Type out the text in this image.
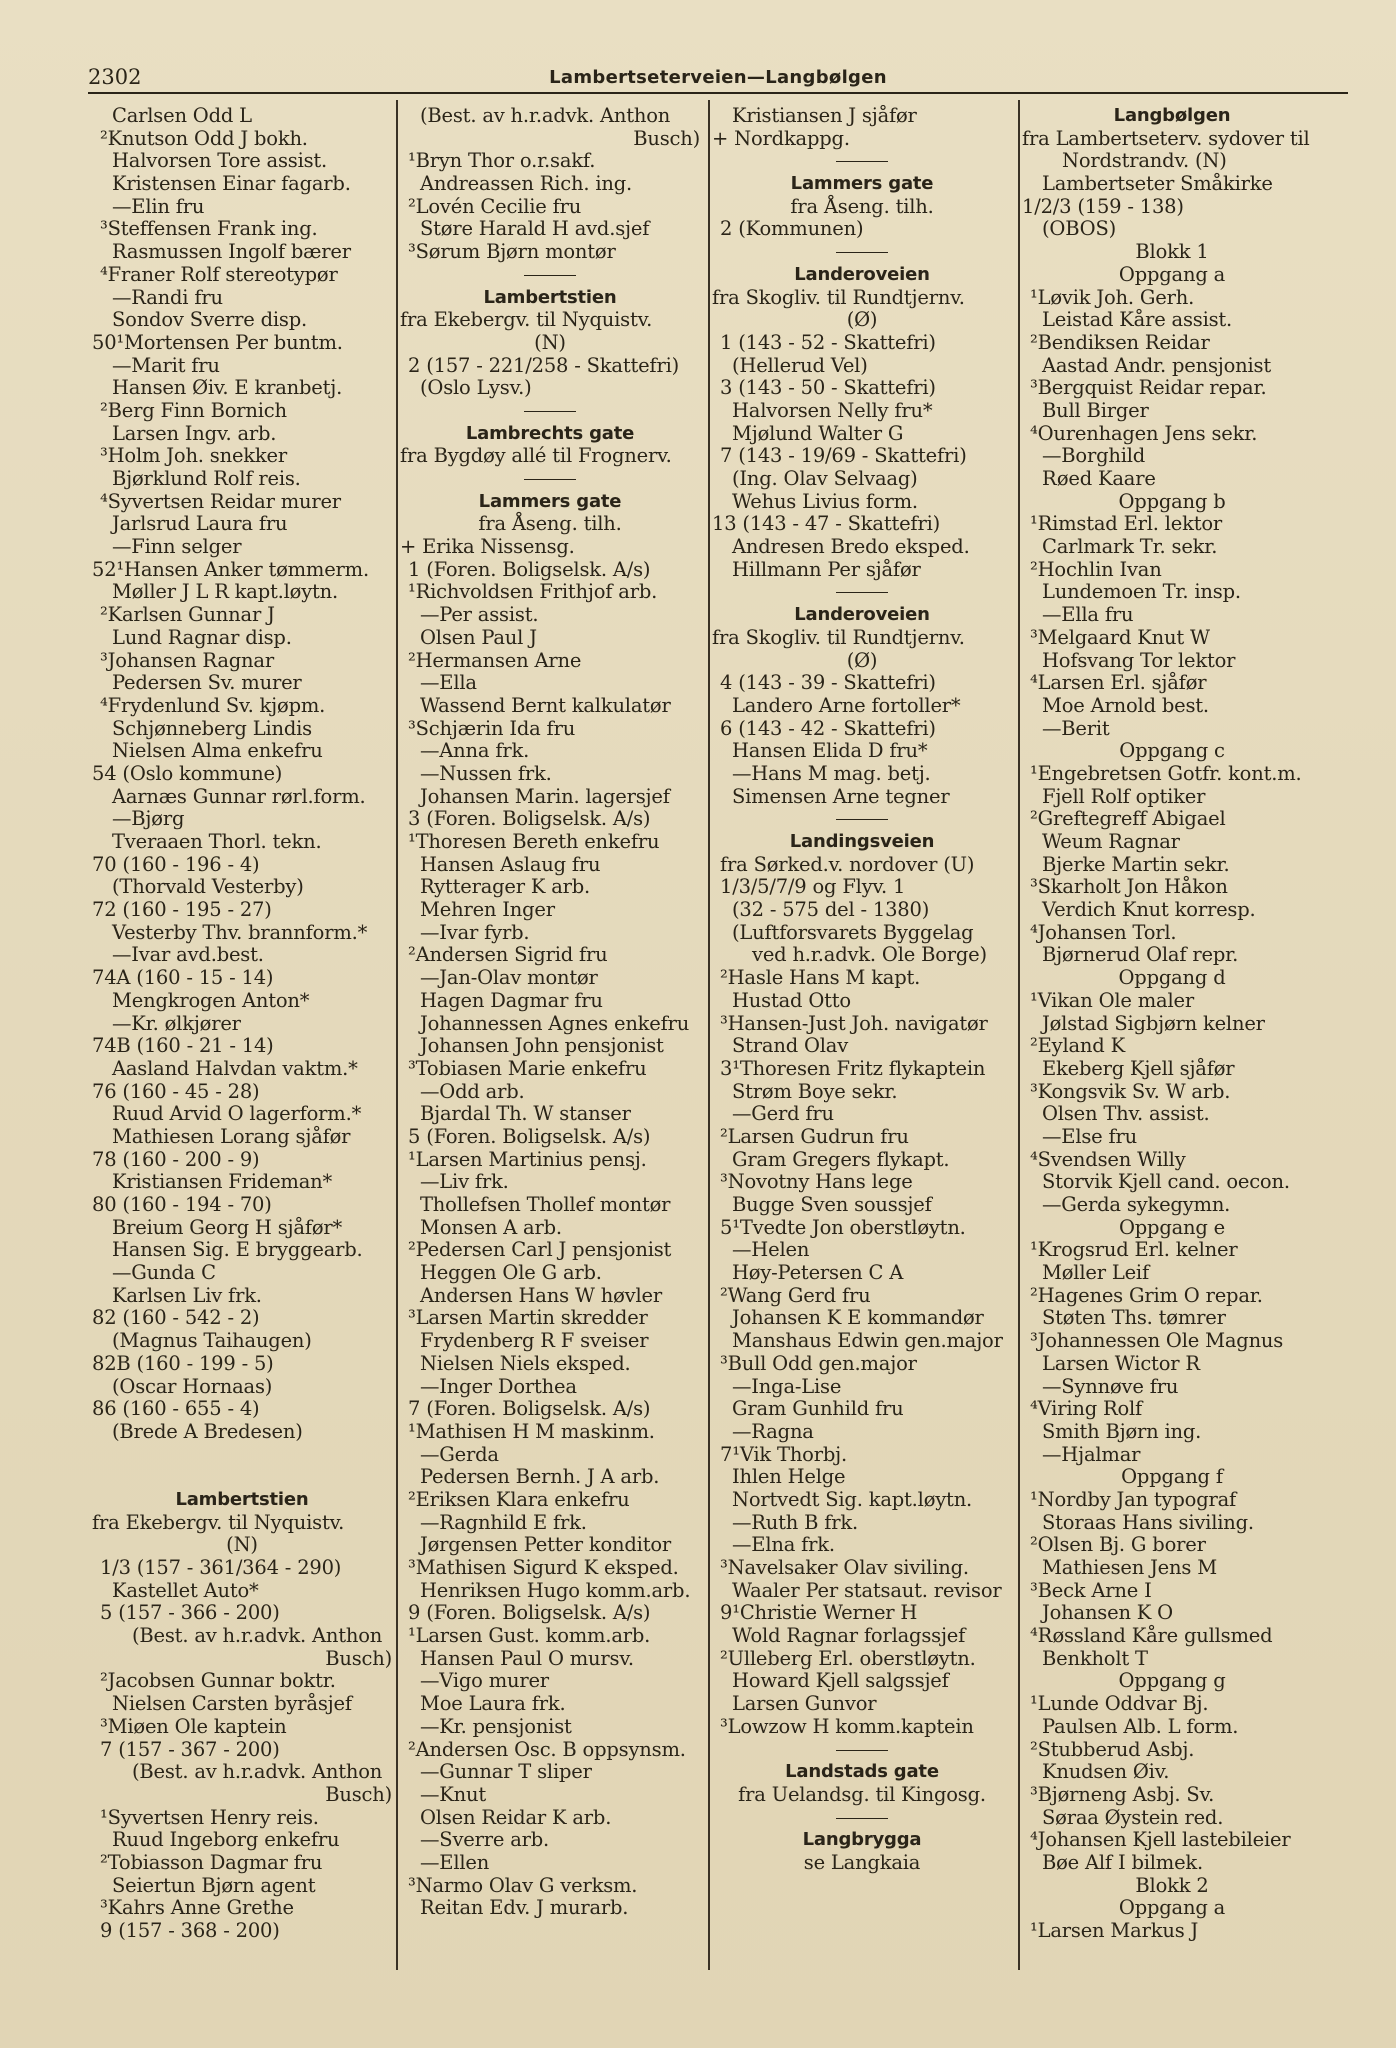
2302	Lambertseterveien—Langbølgen
Carlsen Odd L
²Knutson Odd J bokh.
Halvorsen Tore assist.
Kristensen Einar fagarb.
—Elin fru
³Steffensen Frank ing.
Rasmussen Ingolf bærer
⁴Franer Rolf stereotypør
—Randi fru
Sondov Sverre disp.
50¹Mortensen Per buntm.
—Marit fru
Hansen Øiv. E kranbetj.
²Berg Finn Bornich
Larsen Ingv. arb.
³Holm Joh. snekker
Bjørklund Rolf reis.
⁴Syvertsen Reidar murer
Jarlsrud Laura fru
—Finn selger
52¹Hansen Anker tømmerm.
Møller J L R kapt.løytn.
²Karlsen Gunnar J
Lund Ragnar disp.
³Johansen Ragnar
Pedersen Sv. murer
⁴Frydenlund Sv. kjøpm.
Schjønneberg Lindis
Nielsen Alma enkefru
54 (Oslo kommune)
Aarnæs Gunnar rørl.form.
—Bjørg
Tveraaen Thorl. tekn.
70 (160 - 196 - 4)
(Thorvald Vesterby)
72 (160 - 195 - 27)
Vesterby Thv. brannform.*
—Ivar avd.best.
74A (160 - 15 - 14)
Mengkrogen Anton*
—Kr. ølkjører
74B (160 - 21 - 14)
Aasland Halvdan vaktm.*
76 (160 - 45 - 28)
Ruud Arvid O lagerform.*
Mathiesen Lorang sjåfør
78 (160 - 200 - 9)
Kristiansen Frideman*
80 (160 - 194 - 70)
Breium Georg H sjåfør*
Hansen Sig. E bryggearb.
—Gunda C
Karlsen Liv frk.
82 (160 - 542 - 2)
(Magnus Taihaugen)
82B (160 - 199 - 5)
(Oscar Hornaas)
86 (160 - 655 - 4)
(Brede A Bredesen)
Lambertstien
fra Ekebergv. til Nyquistv.
(N)
1/3 (157 - 361/364 - 290)
Kastellet Auto*
5 (157 - 366 - 200)
(Best. av h.r.advk. Anthon
Busch)
²Jacobsen Gunnar boktr.
Nielsen Carsten byråsjef
³Miøen Ole kaptein
7 (157 - 367 - 200)
(Best. av h.r.advk. Anthon
Busch)
¹Syvertsen Henry reis.
Ruud Ingeborg enkefru
²Tobiasson Dagmar fru
Seiertun Bjørn agent
³Kahrs Anne Grethe
9 (157 - 368 - 200)
(Best. av h.r.advk. Anthon
Busch)
¹Bryn Thor o.r.sakf.
Andreassen Rich. ing.
²Lovén Cecilie fru
Støre Harald H avd.sjef
³Sørum Bjørn montør
Lambertstien
fra Ekebergv. til Nyquistv.
(N)
2 (157 - 221/258 - Skattefri)
(Oslo Lysv.)
Lambrechts gate
fra Bygdøy allé til Frognerv.
Lammers gate
fra Åseng. tilh.
+ Erika Nissensg.
1 (Foren. Boligselsk. A/s)
¹Richvoldsen Frithjof arb.
—Per assist.
Olsen Paul J
²Hermansen Arne
—Ella
Wassend Bernt kalkulatør
³Schjærin Ida fru
—Anna frk.
—Nussen frk.
Johansen Marin. lagersjef
3 (Foren. Boligselsk. A/s)
¹Thoresen Bereth enkefru
Hansen Aslaug fru
Rytterager K arb.
Mehren Inger
—Ivar fyrb.
²Andersen Sigrid fru
—Jan-Olav montør
Hagen Dagmar fru
Johannessen Agnes enkefru
Johansen John pensjonist
³Tobiasen Marie enkefru
—Odd arb.
Bjardal Th. W stanser
5 (Foren. Boligselsk. A/s)
¹Larsen Martinius pensj.
—Liv frk.
Thollefsen Thollef montør
Monsen A arb.
²Pedersen Carl J pensjonist
Heggen Ole G arb.
Andersen Hans W høvler
³Larsen Martin skredder
Frydenberg R F sveiser
Nielsen Niels eksped.
—Inger Dorthea
7 (Foren. Boligselsk. A/s)
¹Mathisen H M maskinm.
—Gerda
Pedersen Bernh. J A arb.
²Eriksen Klara enkefru
—Ragnhild E frk.
Jørgensen Petter konditor
³Mathisen Sigurd K eksped.
Henriksen Hugo komm.arb.
9 (Foren. Boligselsk. A/s)
¹Larsen Gust. komm.arb.
Hansen Paul O mursv.
—Vigo murer
Moe Laura frk.
—Kr. pensjonist
²Andersen Osc. B oppsynsm.
—Gunnar T sliper
—Knut
Olsen Reidar K arb.
—Sverre arb.
—Ellen
³Narmo Olav G verksm.
Reitan Edv. J murarb.
Kristiansen J sjåfør
+ Nordkappg.
Lammers gate
fra Åseng. tilh.
2 (Kommunen)
Landeroveien
fra Skogliv. til Rundtjernv.
(Ø)
1 (143 - 52 - Skattefri)
(Hellerud Vel)
3 (143 - 50 - Skattefri)
Halvorsen Nelly fru*
Mjølund Walter G
7 (143 - 19/69 - Skattefri)
(Ing. Olav Selvaag)
Wehus Livius form.
13 (143 - 47 - Skattefri)
Andresen Bredo eksped.
Hillmann Per sjåfør
Landeroveien
fra Skogliv. til Rundtjernv.
(Ø)
4 (143 - 39 - Skattefri)
Landero Arne fortoller*
6 (143 - 42 - Skattefri)
Hansen Elida D fru*
—Hans M mag. betj.
Simensen Arne tegner
Landingsveien
fra Sørked.v. nordover (U)
1/3/5/7/9 og Flyv. 1
(32 - 575 del - 1380)
(Luftforsvarets Byggelag
ved h.r.advk. Ole Borge)
²Hasle Hans M kapt.
Hustad Otto
³Hansen-Just Joh. navigatør
Strand Olav
3¹Thoresen Fritz flykaptein
Strøm Boye sekr.
—Gerd fru
²Larsen Gudrun fru
Gram Gregers flykapt.
³Novotny Hans lege
Bugge Sven soussjef
5¹Tvedte Jon oberstløytn.
—Helen
Høy-Petersen C A
²Wang Gerd fru
Johansen K E kommandør
Manshaus Edwin gen.major
³Bull Odd gen.major
—Inga-Lise
Gram Gunhild fru
—Ragna
7¹Vik Thorbj.
Ihlen Helge
Nortvedt Sig. kapt.løytn.
—Ruth B frk.
—Elna frk.
³Navelsaker Olav siviling.
Waaler Per statsaut. revisor
9¹Christie Werner H
Wold Ragnar forlagssjef
²Ulleberg Erl. oberstløytn.
Howard Kjell salgssjef
Larsen Gunvor
³Lowzow H komm.kaptein
Landstads gate
fra Uelandsg. til Kingosg.
Langbrygga
se Langkaia
Langbølgen
fra Lambertseterv. sydover til
Nordstrandv. (N)
Lambertseter Småkirke
1/2/3 (159 - 138)
(OBOS)
Blokk 1
Oppgang a
¹Løvik Joh. Gerh.
Leistad Kåre assist.
²Bendiksen Reidar
Aastad Andr. pensjonist
³Bergquist Reidar repar.
Bull Birger
⁴Ourenhagen Jens sekr.
—Borghild
Røed Kaare
Oppgang b
¹Rimstad Erl. lektor
Carlmark Tr. sekr.
²Hochlin Ivan
Lundemoen Tr. insp.
—Ella fru
³Melgaard Knut W
Hofsvang Tor lektor
⁴Larsen Erl. sjåfør
Moe Arnold best.
—Berit
Oppgang c
¹Engebretsen Gotfr. kont.m.
Fjell Rolf optiker
²Greftegreff Abigael
Weum Ragnar
Bjerke Martin sekr.
³Skarholt Jon Håkon
Verdich Knut korresp.
⁴Johansen Torl.
Bjørnerud Olaf repr.
Oppgang d
¹Vikan Ole maler
Jølstad Sigbjørn kelner
²Eyland K
Ekeberg Kjell sjåfør
³Kongsvik Sv. W arb.
Olsen Thv. assist.
—Else fru
⁴Svendsen Willy
Storvik Kjell cand. oecon.
—Gerda sykegymn.
Oppgang e
¹Krogsrud Erl. kelner
Møller Leif
²Hagenes Grim O repar.
Støten Ths. tømrer
³Johannessen Ole Magnus
Larsen Wictor R
—Synnøve fru
⁴Viring Rolf
Smith Bjørn ing.
—Hjalmar
Oppgang f
¹Nordby Jan typograf
Storaas Hans siviling.
²Olsen Bj. G borer
Mathiesen Jens M
³Beck Arne I
Johansen K O
⁴Røssland Kåre gullsmed
Benkholt T
Oppgang g
¹Lunde Oddvar Bj.
Paulsen Alb. L form.
²Stubberud Asbj.
Knudsen Øiv.
³Bjørneng Asbj. Sv.
Søraa Øystein red.
⁴Johansen Kjell lastebileier
Bøe Alf I bilmek.
Blokk 2
Oppgang a
¹Larsen Markus J
